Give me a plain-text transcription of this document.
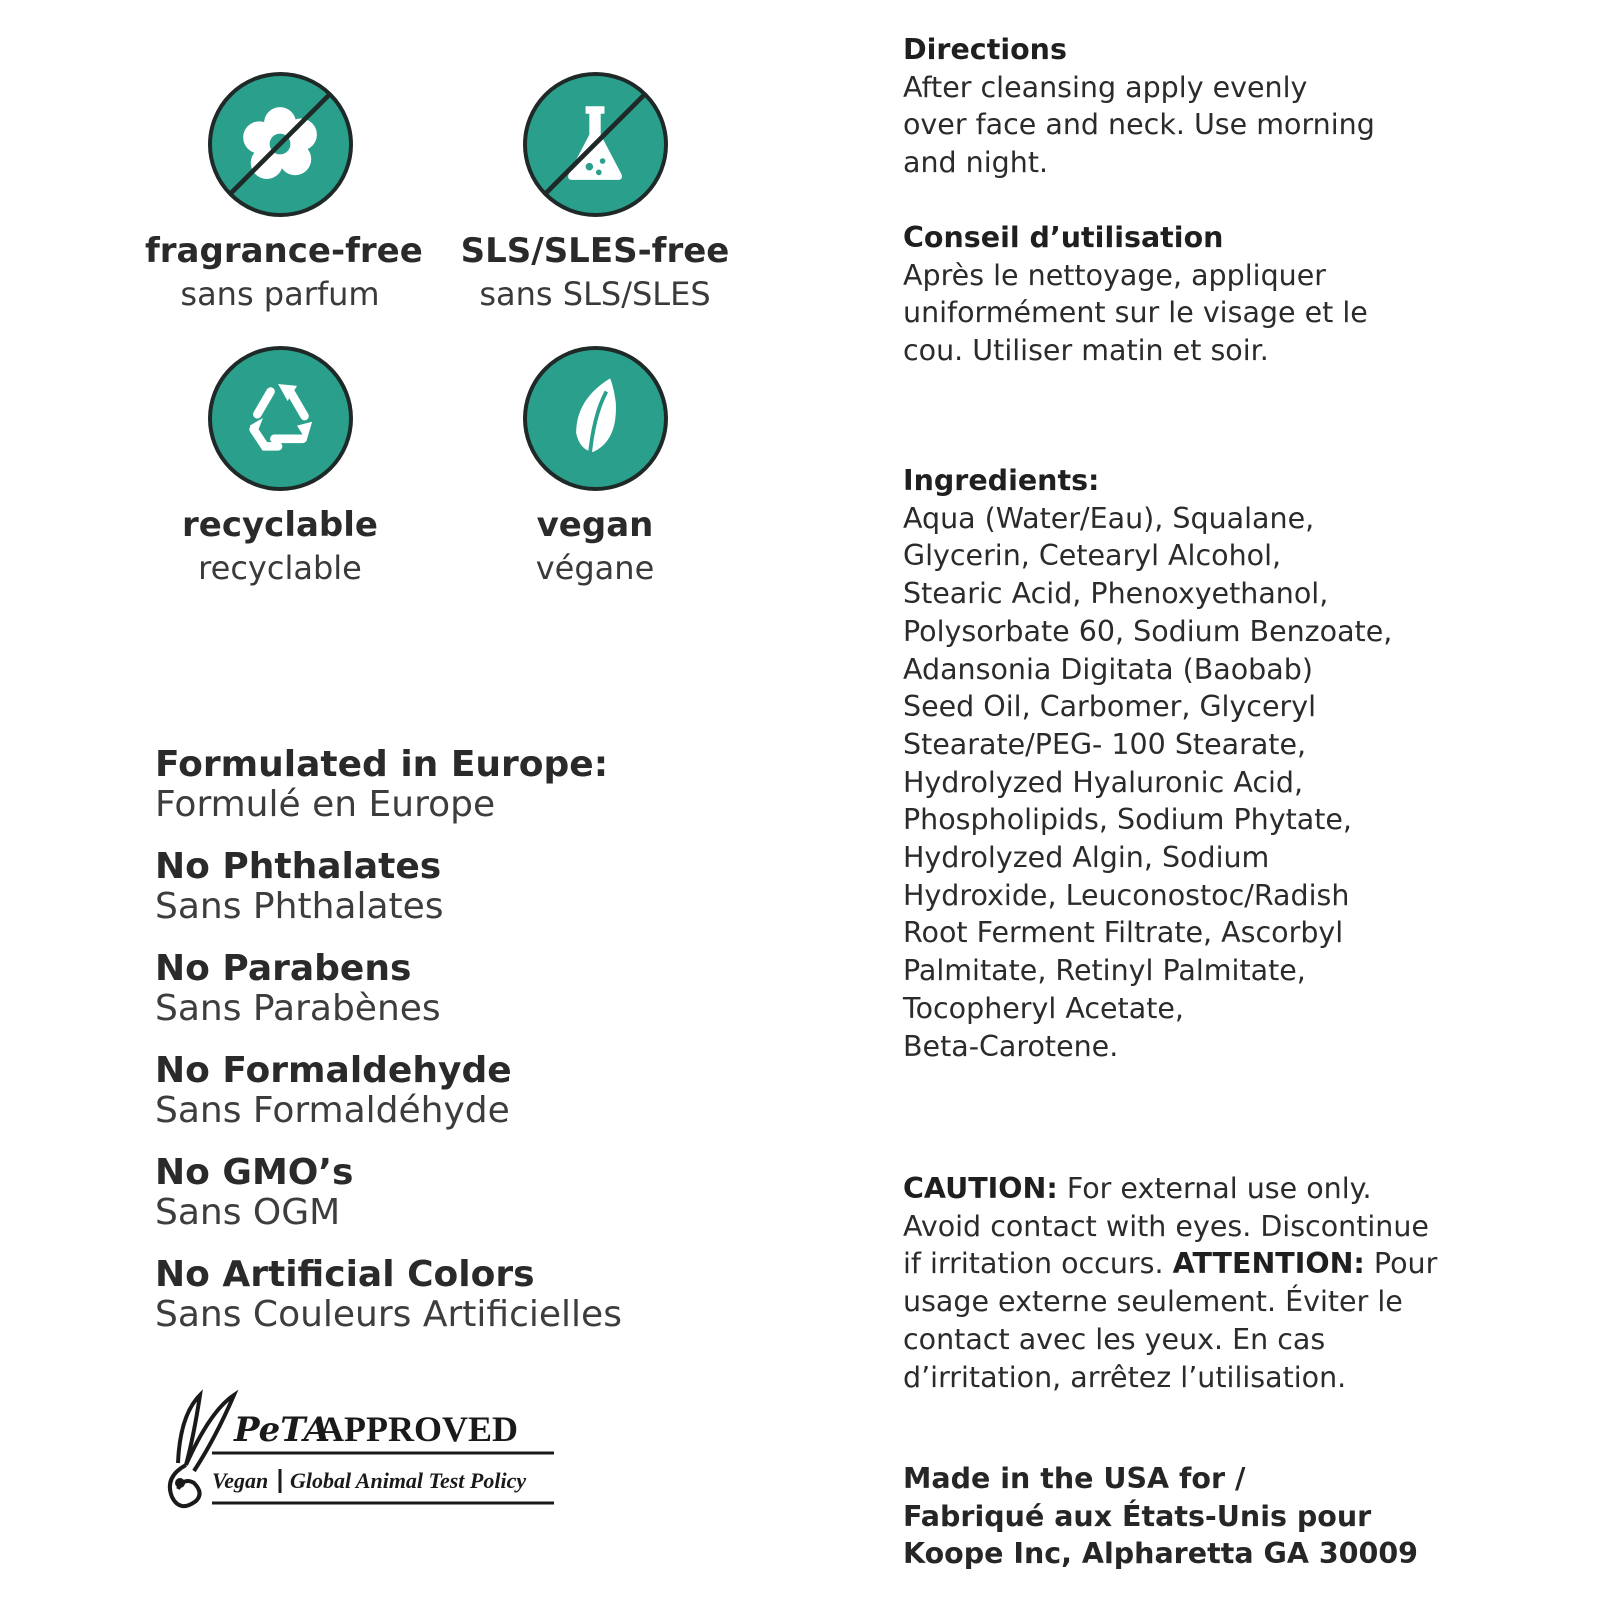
fragrance-free
sans parfum
SLS/SLES-free
sans SLS/SLES
recyclable
recyclable
vegan
végane
Formulated in Europe:
Formulé en Europe
No Phthalates
Sans Phthalates
No Parabens
Sans Parabènes
No Formaldehyde
Sans Formaldéhyde
No GMO’s
Sans OGM
No Artificial Colors
Sans Couleurs Artificielles
PeTA
APPROVED
Vegan Global Animal Test Policy
Directions
After cleansing apply evenly
over face and neck. Use morning
and night.
Conseil d’utilisation
Après le nettoyage, appliquer
uniformément sur le visage et le
cou. Utiliser matin et soir.
Ingredients:
Aqua (Water/Eau), Squalane,
Glycerin, Cetearyl Alcohol,
Stearic Acid, Phenoxyethanol,
Polysorbate 60, Sodium Benzoate,
Adansonia Digitata (Baobab)
Seed Oil, Carbomer, Glyceryl
Stearate/PEG- 100 Stearate,
Hydrolyzed Hyaluronic Acid,
Phospholipids, Sodium Phytate,
Hydrolyzed Algin, Sodium
Hydroxide, Leuconostoc/Radish
Root Ferment Filtrate, Ascorbyl
Palmitate, Retinyl Palmitate,
Tocopheryl Acetate,
Beta-Carotene.
CAUTION: For external use only.
Avoid contact with eyes. Discontinue
if irritation occurs. ATTENTION: Pour
usage externe seulement. Éviter le
contact avec les yeux. En cas
d’irritation, arrêtez l’utilisation.
Made in the USA for /
Fabriqué aux États-Unis pour
Koope Inc, Alpharetta GA 30009
